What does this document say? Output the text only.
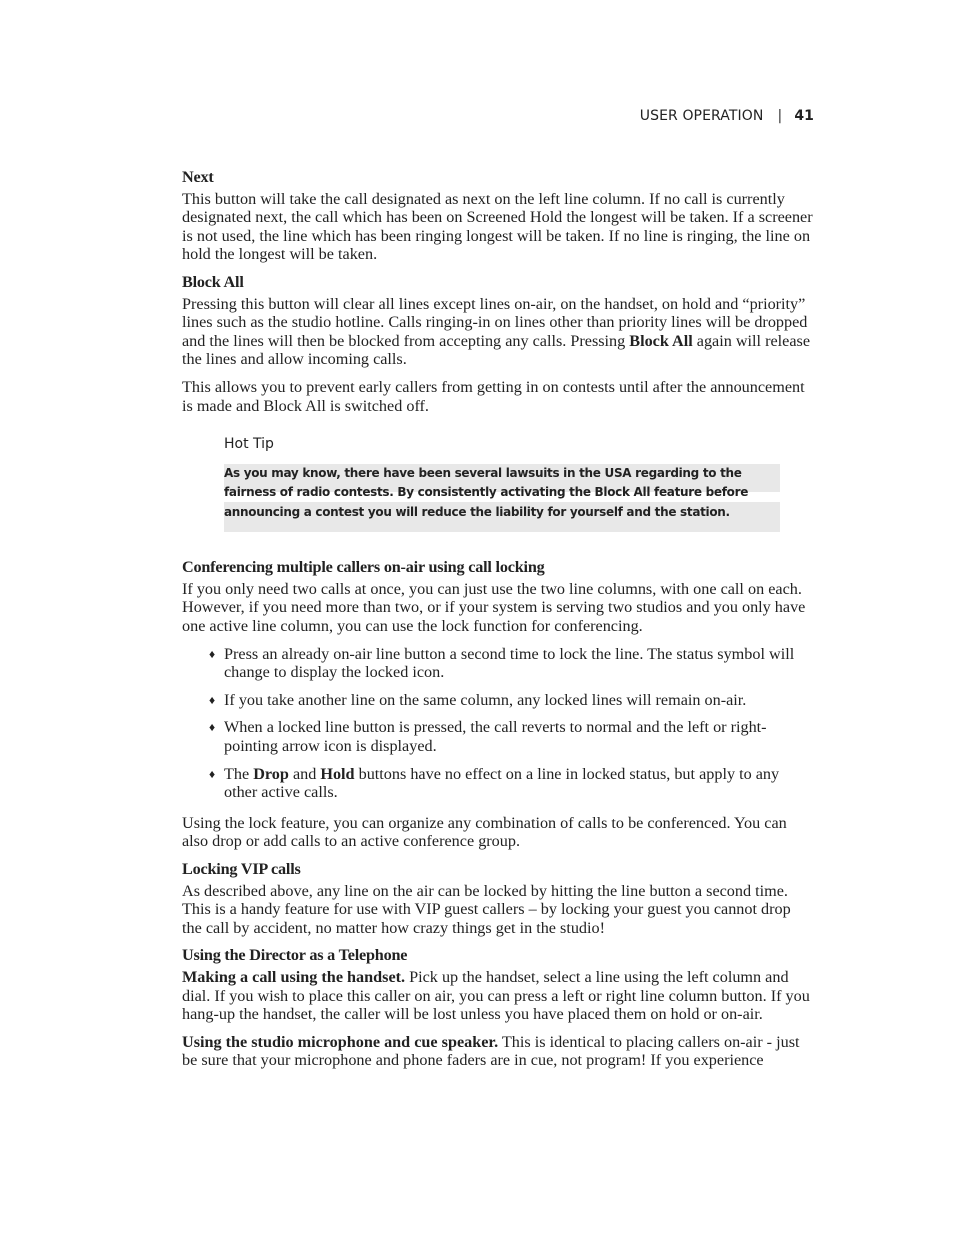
USER OPERATION | 41
Next

This button will take the call designated as next on the left line column. If no call is currently designated next, the call which has been on Screened Hold the longest will be taken. If a screener is not used, the line which has been ringing longest will be taken. If no line is ringing, the line on hold the longest will be taken.

Block All

Pressing this button will clear all lines except lines on-air, on the handset, on hold and “priority” lines such as the studio hotline. Calls ringing-in on lines other than priority lines will be dropped and the lines will then be blocked from accepting any calls. Pressing Block All again will release the lines and allow incoming calls.

This allows you to prevent early callers from getting in on contests until after the announcement is made and Block All is switched off.

Hot Tip
As you may know, there have been several lawsuits in the USA regarding to the fairness of radio contests. By consistently activating the Block All feature before announcing a contest you will reduce the liability for yourself and the station.
Conferencing multiple callers on-air using call locking

If you only need two calls at once, you can just use the two line columns, with one call on each. However, if you need more than two, or if your system is serving two studios and you only have one active line column, you can use the lock function for conferencing.

♦ Press an already on-air line button a second time to lock the line. The status symbol will change to display the locked icon.
♦ If you take another line on the same column, any locked lines will remain on-air.
♦ When a locked line button is pressed, the call reverts to normal and the left or right-pointing arrow icon is displayed.
♦ The Drop and Hold buttons have no effect on a line in locked status, but apply to any other active calls.

Using the lock feature, you can organize any combination of calls to be conferenced. You can also drop or add calls to an active conference group.

Locking VIP calls

As described above, any line on the air can be locked by hitting the line button a second time. This is a handy feature for use with VIP guest callers – by locking your guest you cannot drop the call by accident, no matter how crazy things get in the studio!

Using the Director as a Telephone

Making a call using the handset. Pick up the handset, select a line using the left column and dial. If you wish to place this caller on air, you can press a left or right line column button. If you hang-up the handset, the caller will be lost unless you have placed them on hold or on-air.

Using the studio microphone and cue speaker. This is identical to placing callers on-air - just be sure that your microphone and phone faders are in cue, not program! If you experience
